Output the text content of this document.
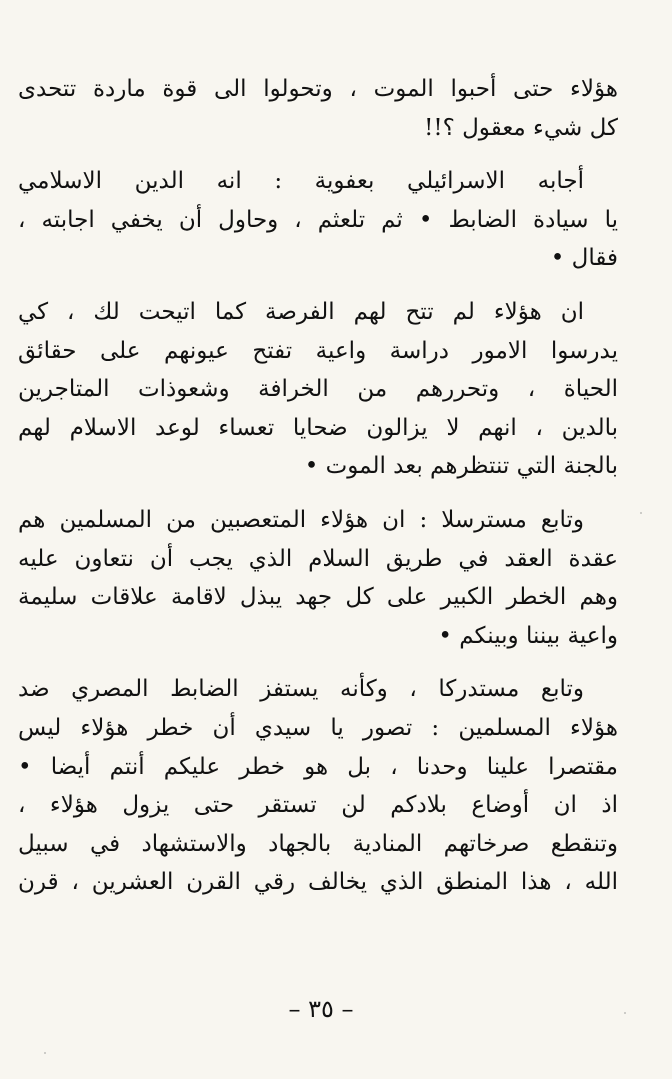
هؤلاء حتى أحبوا الموت ، وتحولوا الى قوة ماردة تتحدى
كل شيء معقول ؟!!

أجابه الاسرائيلي بعفوية : انه الدين الاسلامي
يا سيادة الضابط • ثم تلعثم ، وحاول أن يخفي اجابته ،
فقال •

ان هؤلاء لم تتح لهم الفرصة كما اتيحت لك ، كي
يدرسوا الامور دراسة واعية تفتح عيونهم على حقائق
الحياة ، وتحررهم من الخرافة وشعوذات المتاجرين
بالدين ، انهم لا يزالون ضحايا تعساء لوعد الاسلام لهم
بالجنة التي تنتظرهم بعد الموت •

وتابع مسترسلا : ان هؤلاء المتعصبين من المسلمين هم
عقدة العقد في طريق السلام الذي يجب أن نتعاون عليه
وهم الخطر الكبير على كل جهد يبذل لاقامة علاقات سليمة
واعية بيننا وبينكم •

وتابع مستدركا ، وكأنه يستفز الضابط المصري ضد
هؤلاء المسلمين : تصور يا سيدي أن خطر هؤلاء ليس
مقتصرا علينا وحدنا ، بل هو خطر عليكم أنتم أيضا •
اذ ان أوضاع بلادكم لن تستقر حتى يزول هؤلاء ،
وتنقطع صرخاتهم المنادية بالجهاد والاستشهاد في سبيل
الله ، هذا المنطق الذي يخالف رقي القرن العشرين ، قرن

– ٣٥ –
